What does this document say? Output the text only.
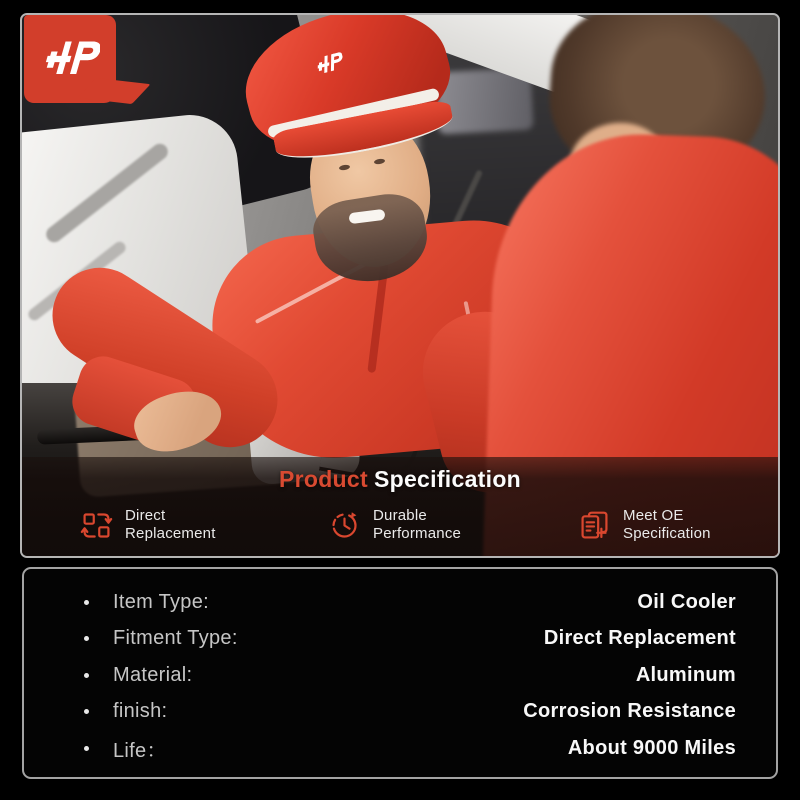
Product Specification
Direct
Replacement
Durable
Performance
Meet OE
Specification
Item Type:	Oil Cooler
Fitment Type:	Direct Replacement
Material:	Aluminum
finish:	Corrosion Resistance
Life：	About 9000 Miles
